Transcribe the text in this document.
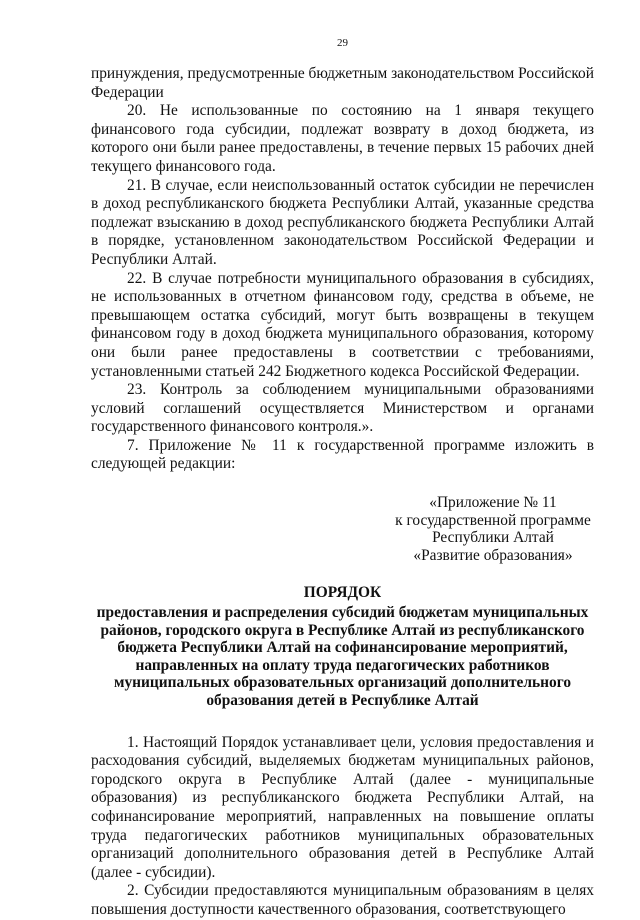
29

принуждения, предусмотренные бюджетным законодательством Российской Федерации

20. Не использованные по состоянию на 1 января текущего финансового года субсидии, подлежат возврату в доход бюджета, из которого они были ранее предоставлены, в течение первых 15 рабочих дней текущего финансового года.

21. В случае, если неиспользованный остаток субсидии не перечислен в доход республиканского бюджета Республики Алтай, указанные средства подлежат взысканию в доход республиканского бюджета Республики Алтай в порядке, установленном законодательством Российской Федерации и Республики Алтай.

22. В случае потребности муниципального образования в субсидиях, не использованных в отчетном финансовом году, средства в объеме, не превышающем остатка субсидий, могут быть возвращены в текущем финансовом году в доход бюджета муниципального образования, которому они были ранее предоставлены в соответствии с требованиями, установленными статьей 242 Бюджетного кодекса Российской Федерации.

23. Контроль за соблюдением муниципальными образованиями условий соглашений осуществляется Министерством и органами государственного финансового контроля.».

7. Приложение № 11 к государственной программе изложить в следующей редакции:

«Приложение № 11
к государственной программе
Республики Алтай
«Развитие образования»
ПОРЯДОК
предоставления и распределения субсидий бюджетам муниципальных районов, городского округа в Республике Алтай из республиканского бюджета Республики Алтай на софинансирование мероприятий, направленных на оплату труда педагогических работников муниципальных образовательных организаций дополнительного образования детей в Республике Алтай

1. Настоящий Порядок устанавливает цели, условия предоставления и расходования субсидий, выделяемых бюджетам муниципальных районов, городского округа в Республике Алтай (далее - муниципальные образования) из республиканского бюджета Республики Алтай, на софинансирование мероприятий, направленных на повышение оплаты труда педагогических работников муниципальных образовательных организаций дополнительного образования детей в Республике Алтай (далее - субсидии).

2. Субсидии предоставляются муниципальным образованиям в целях повышения доступности качественного образования, соответствующего
